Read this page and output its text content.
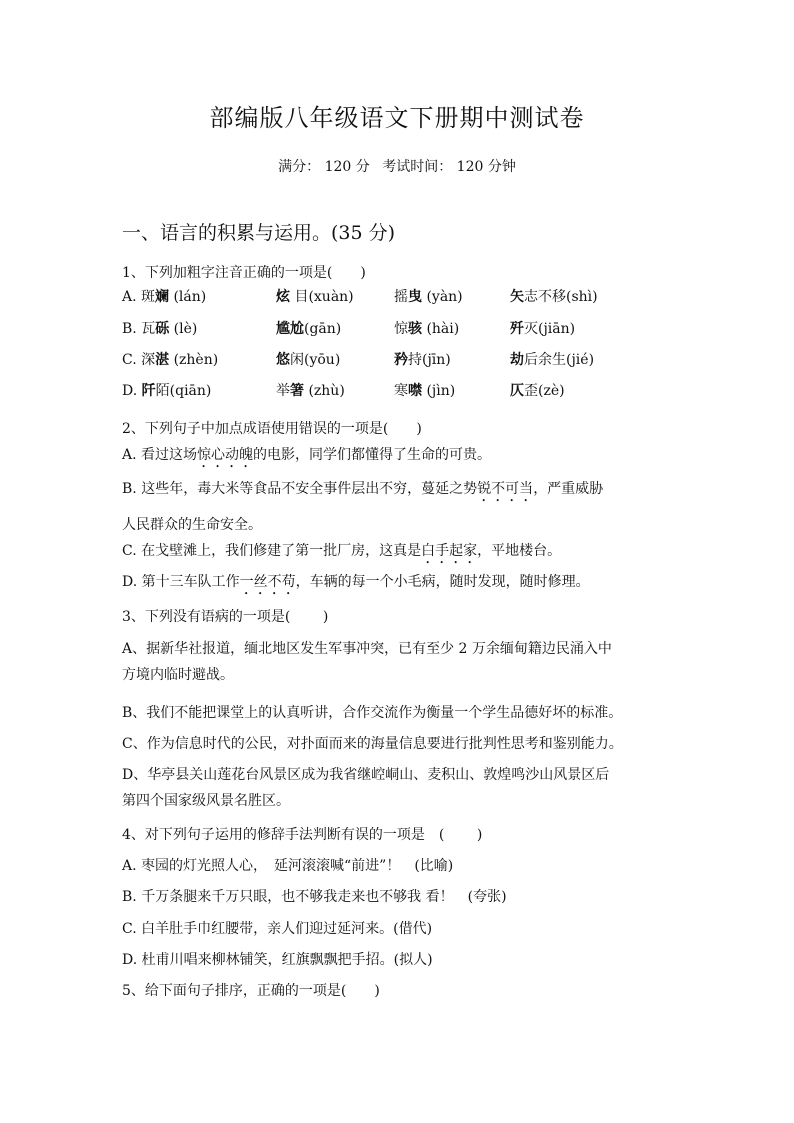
部编版八年级语文下册期中测试卷
满分： 120 分 考试时间： 120 分钟
一、语言的积累与运用。(35 分)
1、下列加粗字注音正确的一项是(　　)
A. 斑斓 (lán)	炫 目(xuàn)	摇曳 (yàn)	矢志不移(shì)
B. 瓦砾 (lè)	尴尬(gān)	惊骇 (hài)	歼灭(jiān)
C. 深湛 (zhèn)	悠闲(yōu)	矜持(jīn)	劫后余生(jié)
D. 阡陌(qiān)	举箸 (zhù)	寒噤 (jìn)	仄歪(zè)
2、下列句子中加点成语使用错误的一项是(　　)
A. 看过这场惊心动魄的电影，同学们都懂得了生命的可贵。
B. 这些年，毒大米等食品不安全事件层出不穷，蔓延之势锐不可当，严重威胁
人民群众的生命安全。
C. 在戈壁滩上，我们修建了第一批厂房，这真是白手起家，平地楼台。
D. 第十三车队工作一丝不苟，车辆的每一个小毛病，随时发现，随时修理。
3、下列没有语病的一项是(　　 )
A、据新华社报道，缅北地区发生军事冲突，已有至少 2 万余缅甸籍边民涌入中
方境内临时避战。
B、我们不能把课堂上的认真听讲，合作交流作为衡量一个学生品德好坏的标准。
C、作为信息时代的公民，对扑面而来的海量信息要进行批判性思考和鉴别能力。
D、华亭县关山莲花台风景区成为我省继崆峒山、麦积山、敦煌鸣沙山风景区后
第四个国家级风景名胜区。
4、对下列句子运用的修辞手法判断有误的一项是　(　　 )
A. 枣园的灯光照人心，　延河滚滚喊“前进”！　(比喻)
B. 千万条腿来千万只眼，也不够我走来也不够我 看！　(夸张)
C. 白羊肚手巾红腰带，亲人们迎过延河来。(借代)
D. 杜甫川唱来柳林铺笑，红旗飘飘把手招。(拟人)
5、给下面句子排序，正确的一项是(　　)
